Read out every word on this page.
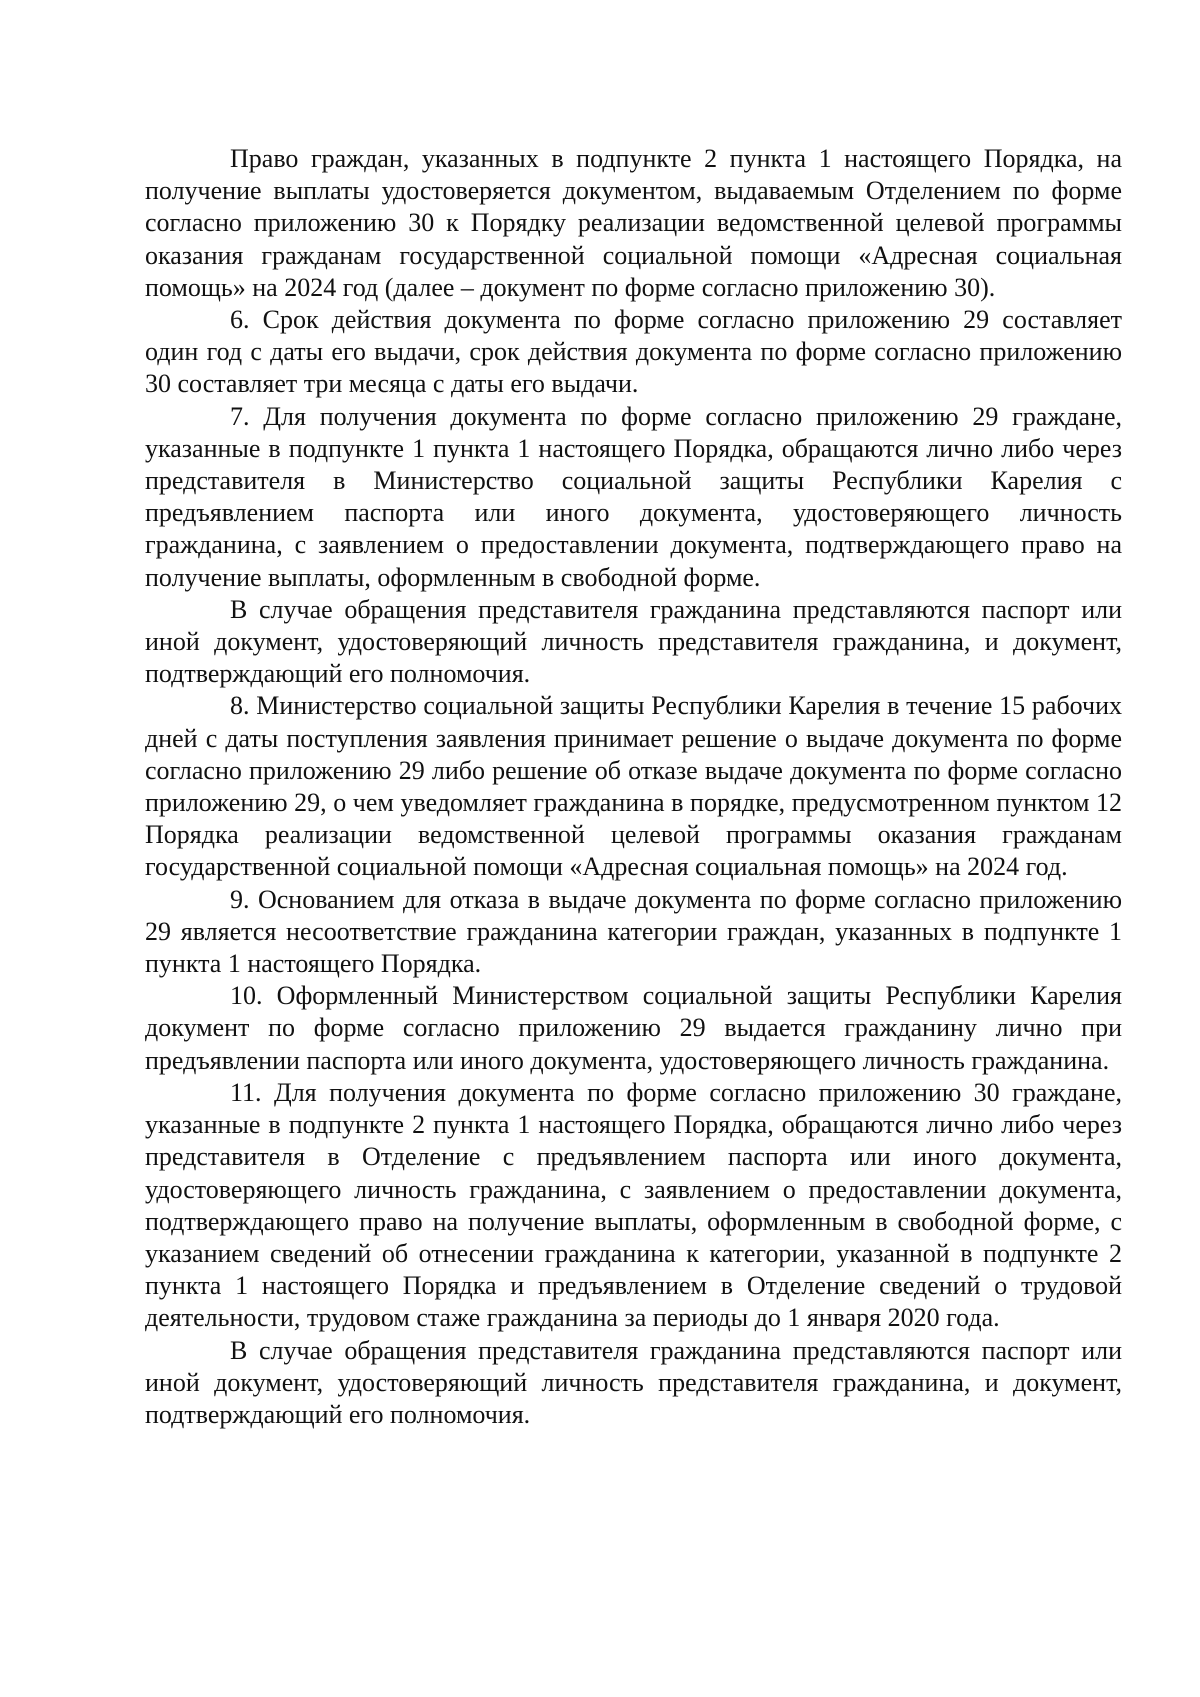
Право граждан, указанных в подпункте 2 пункта 1 настоящего Порядка, на получение выплаты удостоверяется документом, выдаваемым Отделением по форме согласно приложению 30 к Порядку реализации ведомственной целевой программы оказания гражданам государственной социальной помощи «Адресная социальная помощь» на 2024 год (далее – документ по форме согласно приложению 30).

6. Срок действия документа по форме согласно приложению 29 составляет один год с даты его выдачи, срок действия документа по форме согласно приложению 30 составляет три месяца с даты его выдачи.

7. Для получения документа по форме согласно приложению 29 граждане, указанные в подпункте 1 пункта 1 настоящего Порядка, обращаются лично либо через представителя в Министерство социальной защиты Республики Карелия с предъявлением паспорта или иного документа, удостоверяющего личность гражданина, с заявлением о предоставлении документа, подтверждающего право на получение выплаты, оформленным в свободной форме.

В случае обращения представителя гражданина представляются паспорт или иной документ, удостоверяющий личность представителя гражданина, и документ, подтверждающий его полномочия.

8. Министерство социальной защиты Республики Карелия в течение 15 рабочих дней с даты поступления заявления принимает решение о выдаче документа по форме согласно приложению 29 либо решение об отказе выдаче документа по форме согласно приложению 29, о чем уведомляет гражданина в порядке, предусмотренном пунктом 12 Порядка реализации ведомственной целевой программы оказания гражданам государственной социальной помощи «Адресная социальная помощь» на 2024 год.

9. Основанием для отказа в выдаче документа по форме согласно приложению 29 является несоответствие гражданина категории граждан, указанных в подпункте 1 пункта 1 настоящего Порядка.

10. Оформленный Министерством социальной защиты Республики Карелия документ по форме согласно приложению 29 выдается гражданину лично при предъявлении паспорта или иного документа, удостоверяющего личность гражданина.

11. Для получения документа по форме согласно приложению 30 граждане, указанные в подпункте 2 пункта 1 настоящего Порядка, обращаются лично либо через представителя в Отделение с предъявлением паспорта или иного документа, удостоверяющего личность гражданина, с заявлением о предоставлении документа, подтверждающего право на получение выплаты, оформленным в свободной форме, с указанием сведений об отнесении гражданина к категории, указанной в подпункте 2 пункта 1 настоящего Порядка и предъявлением в Отделение сведений о трудовой деятельности, трудовом стаже гражданина за периоды до 1 января 2020 года.

В случае обращения представителя гражданина представляются паспорт или иной документ, удостоверяющий личность представителя гражданина, и документ, подтверждающий его полномочия.
